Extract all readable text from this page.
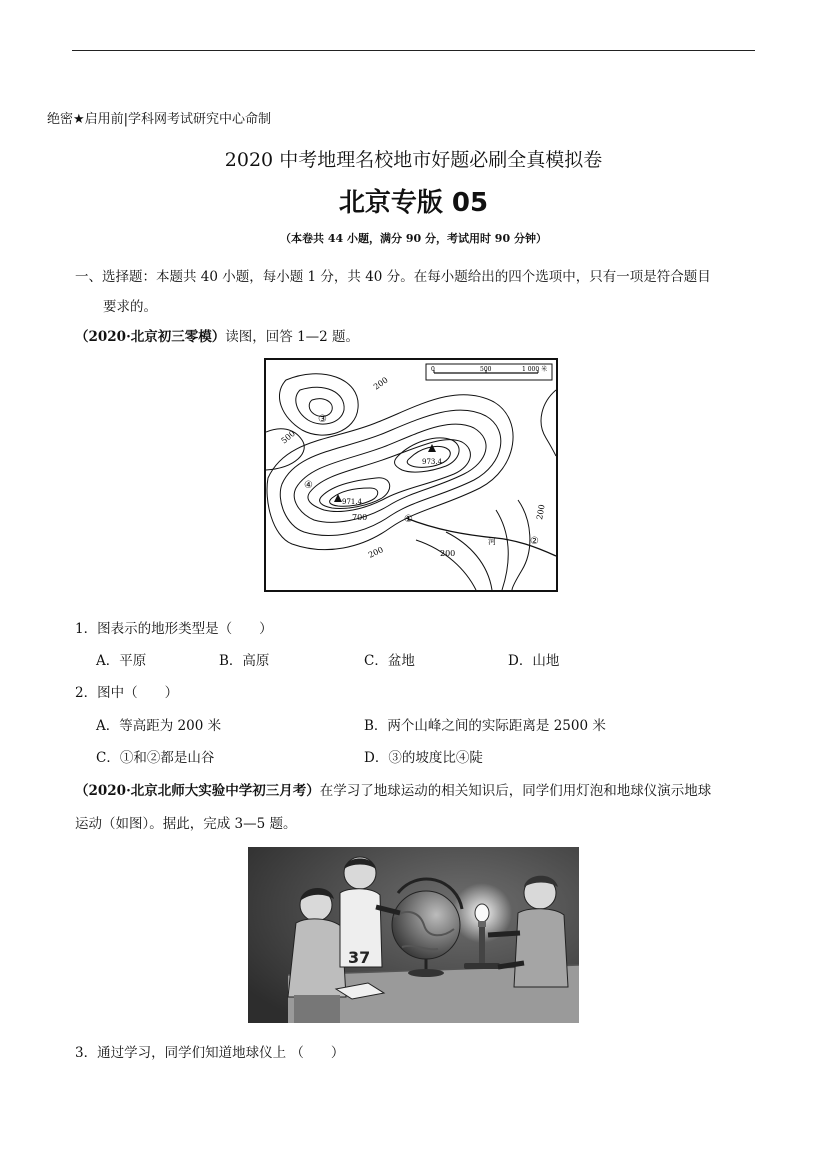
绝密★启用前|学科网考试研究中心命制
2020 中考地理名校地市好题必刷全真模拟卷
北京专版 05
（本卷共 44 小题，满分 90 分，考试用时 90 分钟）
一、选择题：本题共 40 小题，每小题 1 分，共 40 分。在每小题给出的四个选项中，只有一项是符合题目
要求的。
（2020·北京初三零模）读图，回答 1—2 题。
0	500	1 000 米
200
500
700
200
200
200
973.4
971.4
①
②
③
④
河
1．图表示的地形类型是（　　）
A．平原	B．高原	C．盆地	D．山地
2．图中（　　）
A．等高距为 200 米	B．两个山峰之间的实际距离是 2500 米
C．①和②都是山谷	D．③的坡度比④陡
（2020·北京北师大实验中学初三月考）在学习了地球运动的相关知识后，同学们用灯泡和地球仪演示地球
运动（如图）。据此，完成 3—5 题。
37
3．通过学习，同学们知道地球仪上 （　　）
